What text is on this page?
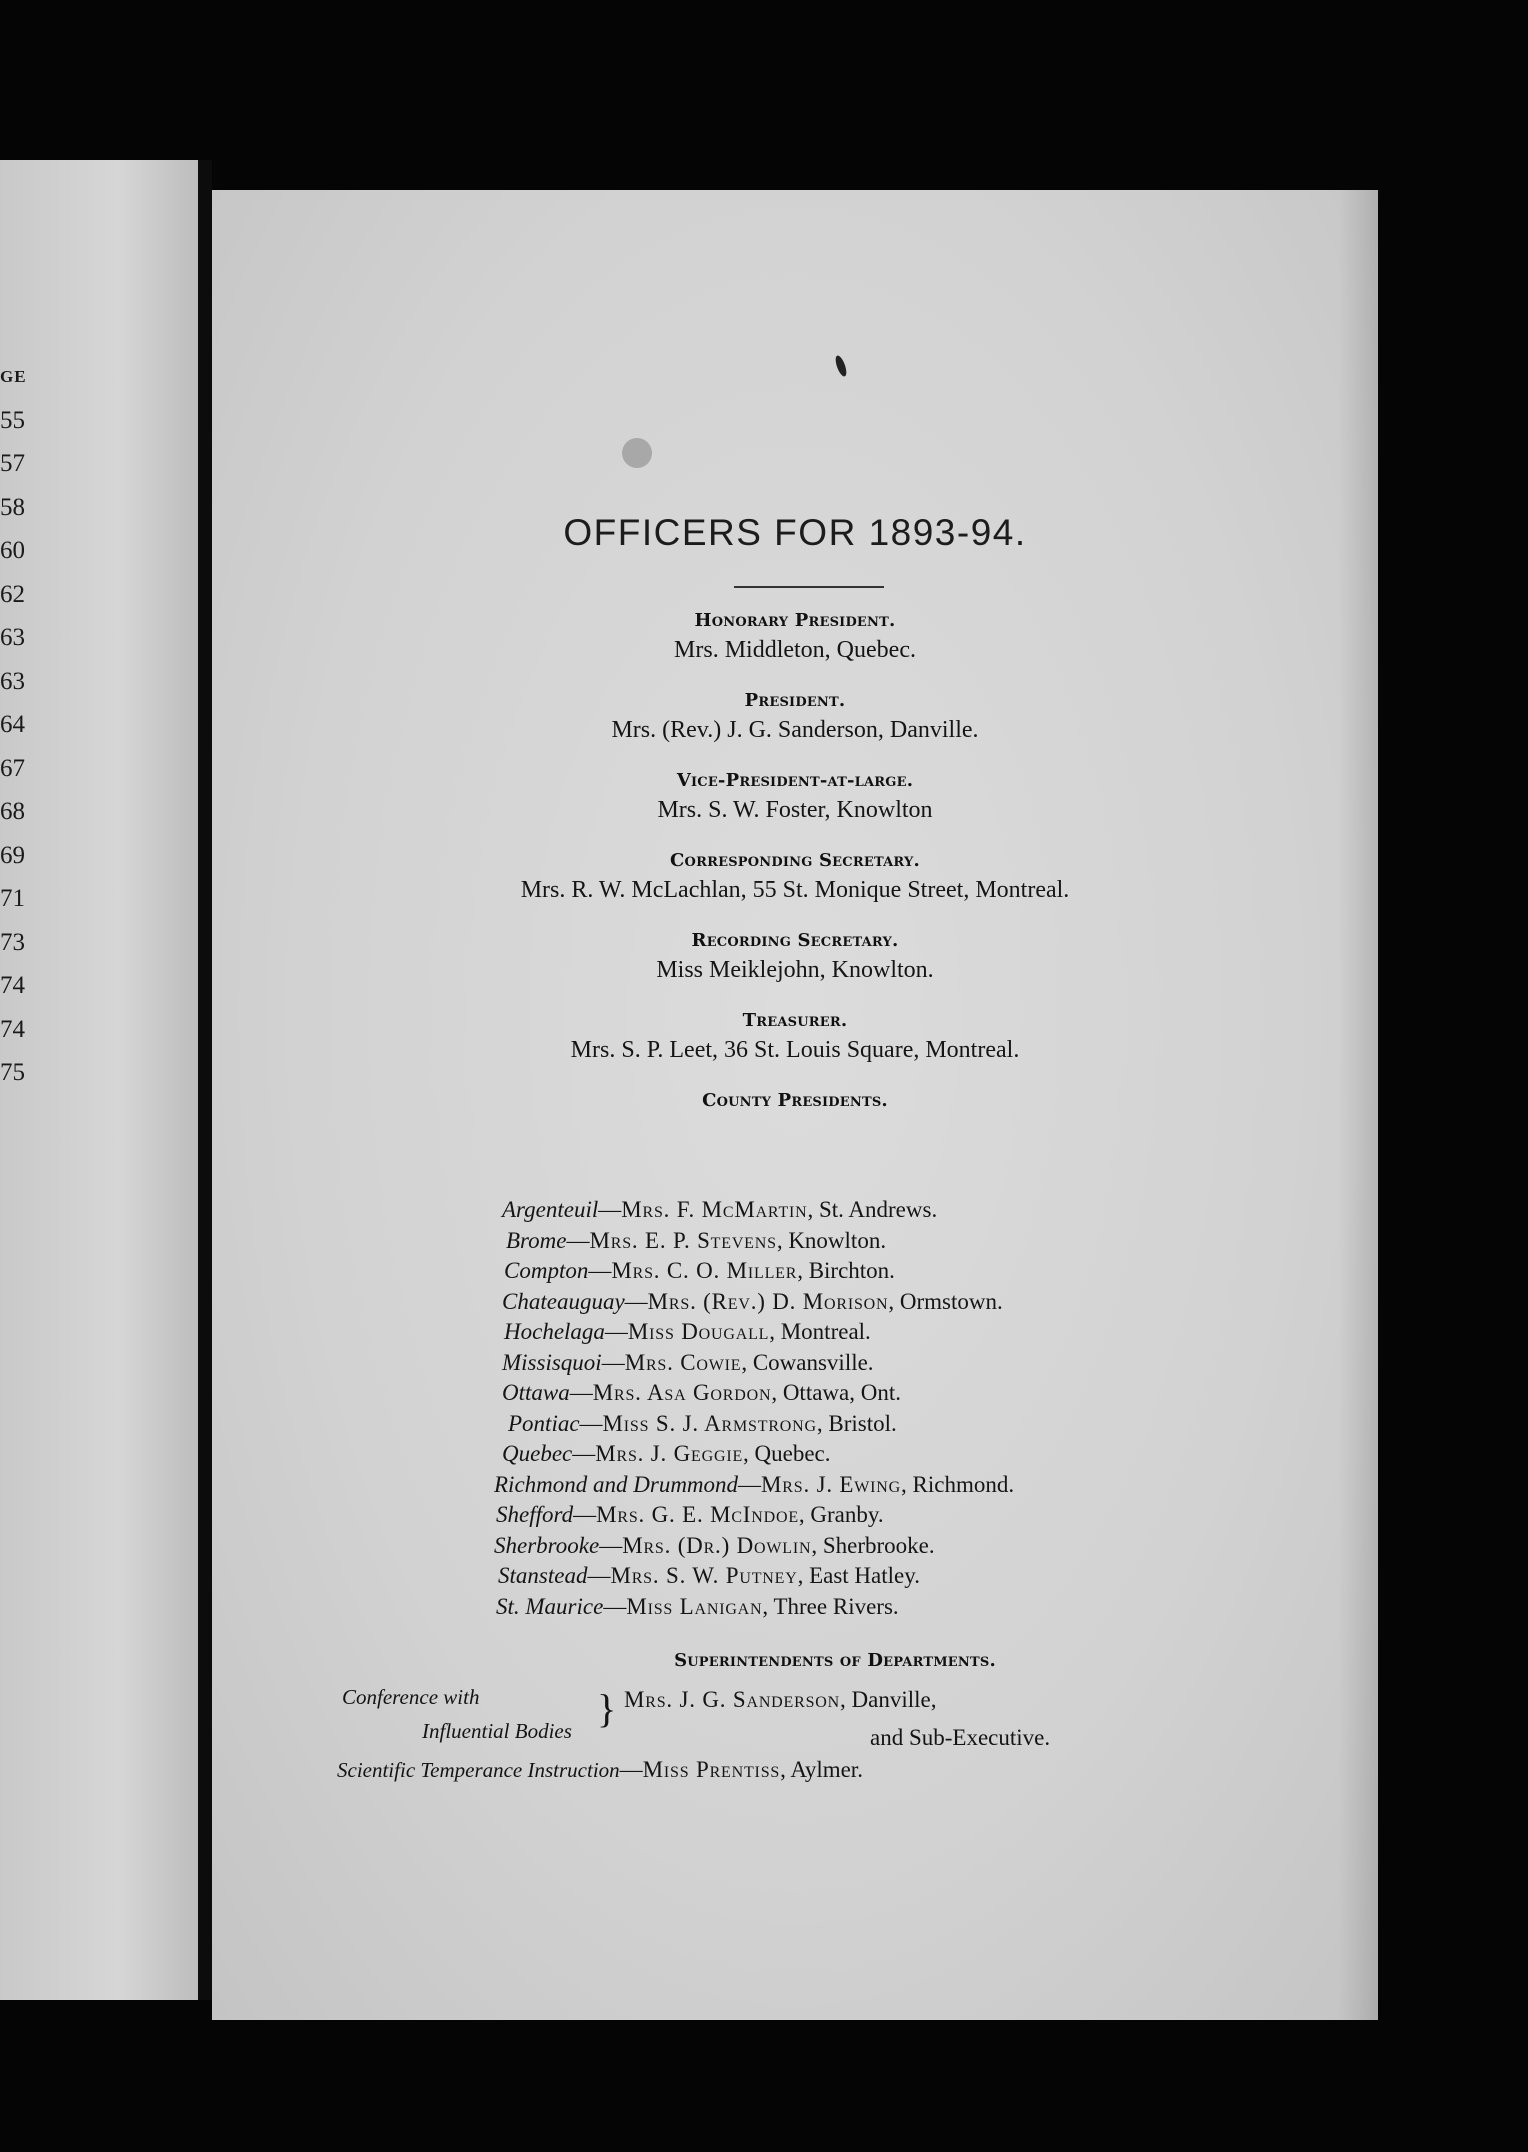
GE
55
57
58
60
62
63
63
64
67
68
69
71
73
74
74
75
OFFICERS FOR 1893-94.
Honorary President.
Mrs. Middleton, Quebec.
President.
Mrs. (Rev.) J. G. Sanderson, Danville.
Vice-President-at-large.
Mrs. S. W. Foster, Knowlton
Corresponding Secretary.
Mrs. R. W. McLachlan, 55 St. Monique Street, Montreal.
Recording Secretary.
Miss Meiklejohn, Knowlton.
Treasurer.
Mrs. S. P. Leet, 36 St. Louis Square, Montreal.
County Presidents.
Argenteuil—Mrs. F. McMartin, St. Andrews.
Brome—Mrs. E. P. Stevens, Knowlton.
Compton—Mrs. C. O. Miller, Birchton.
Chateauguay—Mrs. (Rev.) D. Morison, Ormstown.
Hochelaga—Miss Dougall, Montreal.
Missisquoi—Mrs. Cowie, Cowansville.
Ottawa—Mrs. Asa Gordon, Ottawa, Ont.
Pontiac—Miss S. J. Armstrong, Bristol.
Quebec—Mrs. J. Geggie, Quebec.
Richmond and Drummond—Mrs. J. Ewing, Richmond.
Shefford—Mrs. G. E. McIndoe, Granby.
Sherbrooke—Mrs. (Dr.) Dowlin, Sherbrooke.
Stanstead—Mrs. S. W. Putney, East Hatley.
St. Maurice—Miss Lanigan, Three Rivers.
Superintendents of Departments.
Conference with
Influential Bodies } Mrs. J. G. Sanderson, Danville,
and Sub-Executive.
Scientific Temperance Instruction—Miss Prentiss, Aylmer.
